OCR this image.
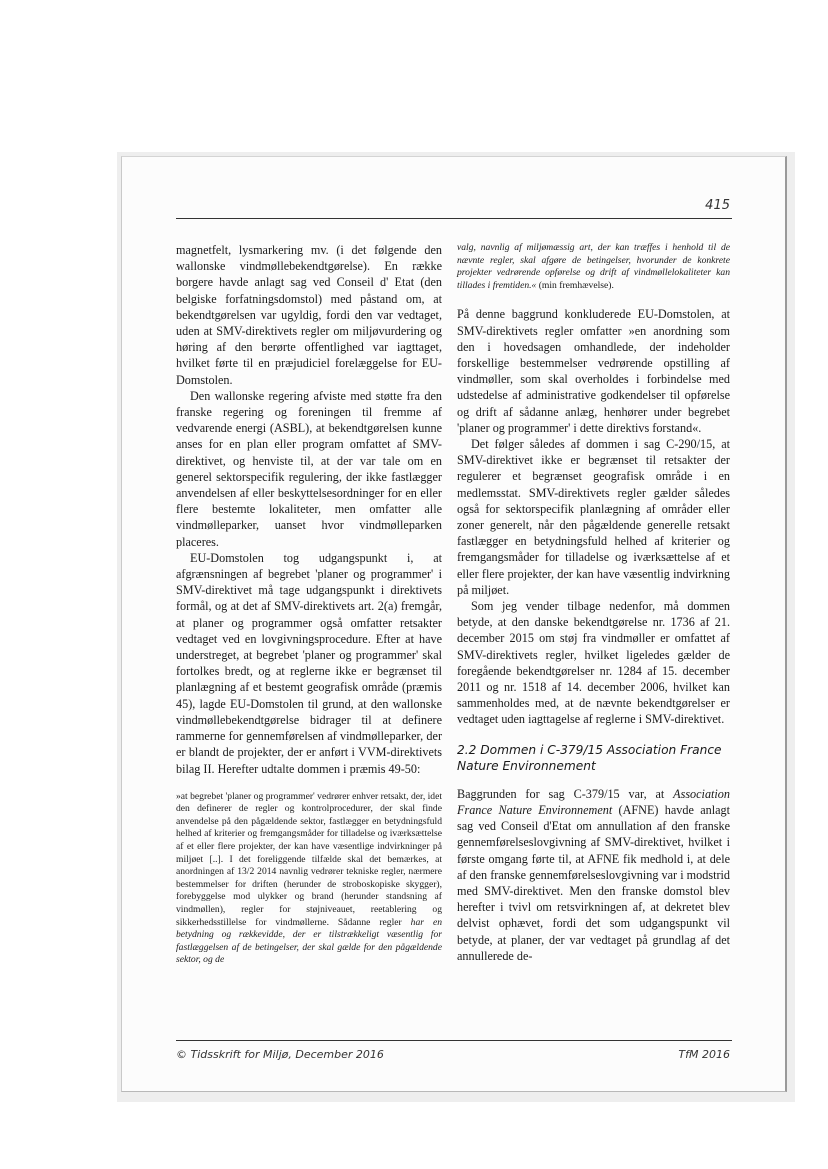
415

magnetfelt, lysmarkering mv. (i det følgende den wallonske vindmøllebekendtgørelse). En række borgere havde anlagt sag ved Conseil d' Etat (den belgiske forfatningsdomstol) med påstand om, at bekendtgørelsen var ugyldig, fordi den var vedtaget, uden at SMV-direktivets regler om miljøvurdering og høring af den berørte offentlighed var iagttaget, hvilket førte til en præjudiciel forelæggelse for EU-Domstolen.

Den wallonske regering afviste med støtte fra den franske regering og foreningen til fremme af vedvarende energi (ASBL), at bekendtgørelsen kunne anses for en plan eller program omfattet af SMV-direktivet, og henviste til, at der var tale om en generel sektorspecifik regulering, der ikke fastlægger anvendelsen af eller beskyttelsesordninger for en eller flere bestemte lokaliteter, men omfatter alle vindmølleparker, uanset hvor vindmølleparken placeres.

EU-Domstolen tog udgangspunkt i, at afgrænsningen af begrebet 'planer og programmer' i SMV-direktivet må tage udgangspunkt i direktivets formål, og at det af SMV-direktivets art. 2(a) fremgår, at planer og programmer også omfatter retsakter vedtaget ved en lovgivningsprocedure. Efter at have understreget, at begrebet 'planer og programmer' skal fortolkes bredt, og at reglerne ikke er begrænset til planlægning af et bestemt geografisk område (præmis 45), lagde EU-Domstolen til grund, at den wallonske vindmøllebekendtgørelse bidrager til at definere rammerne for gennemførelsen af vindmølleparker, der er blandt de projekter, der er anført i VVM-direktivets bilag II. Herefter udtalte dommen i præmis 49-50:

»at begrebet 'planer og programmer' vedrører enhver retsakt, der, idet den definerer de regler og kontrolprocedurer, der skal finde anvendelse på den pågældende sektor, fastlægger en betydningsfuld helhed af kriterier og fremgangsmåder for tilladelse og iværksættelse af et eller flere projekter, der kan have væsentlige indvirkninger på miljøet [..]. I det foreliggende tilfælde skal det bemærkes, at anordningen af 13/2 2014 navnlig vedrører tekniske regler, nærmere bestemmelser for driften (herunder de stroboskopiske skygger), forebyggelse mod ulykker og brand (herunder standsning af vindmøllen), regler for støjniveauet, reetablering og sikkerhedsstillelse for vindmøllerne. Sådanne regler har en betydning og rækkevidde, der er tilstrækkeligt væsentlig for fastlæggelsen af de betingelser, der skal gælde for den pågældende sektor, og de

valg, navnlig af miljømæssig art, der kan træffes i henhold til de nævnte regler, skal afgøre de betingelser, hvorunder de konkrete projekter vedrørende opførelse og drift af vindmøllelokaliteter kan tillades i fremtiden.« (min fremhævelse).

På denne baggrund konkluderede EU-Domstolen, at SMV-direktivets regler omfatter »en anordning som den i hovedsagen omhandlede, der indeholder forskellige bestemmelser vedrørende opstilling af vindmøller, som skal overholdes i forbindelse med udstedelse af administrative godkendelser til opførelse og drift af sådanne anlæg, henhører under begrebet 'planer og programmer' i dette direktivs forstand«.

Det følger således af dommen i sag C-290/15, at SMV-direktivet ikke er begrænset til retsakter der regulerer et begrænset geografisk område i en medlemsstat. SMV-direktivets regler gælder således også for sektorspecifik planlægning af områder eller zoner generelt, når den pågældende generelle retsakt fastlægger en betydningsfuld helhed af kriterier og fremgangsmåder for tilladelse og iværksættelse af et eller flere projekter, der kan have væsentlig indvirkning på miljøet.

Som jeg vender tilbage nedenfor, må dommen betyde, at den danske bekendtgørelse nr. 1736 af 21. december 2015 om støj fra vindmøller er omfattet af SMV-direktivets regler, hvilket ligeledes gælder de foregående bekendtgørelser nr. 1284 af 15. december 2011 og nr. 1518 af 14. december 2006, hvilket kan sammenholdes med, at de nævnte bekendtgørelser er vedtaget uden iagttagelse af reglerne i SMV-direktivet.

2.2 Dommen i C-379/15 Association France Nature Environnement

Baggrunden for sag C-379/15 var, at Association France Nature Environnement (AFNE) havde anlagt sag ved Conseil d'Etat om annullation af den franske gennemførelseslovgivning af SMV-direktivet, hvilket i første omgang førte til, at AFNE fik medhold i, at dele af den franske gennemførelseslovgivning var i modstrid med SMV-direktivet. Men den franske domstol blev herefter i tvivl om retsvirkningen af, at dekretet blev delvist ophævet, fordi det som udgangspunkt vil betyde, at planer, der var vedtaget på grundlag af det annullerede de-

© Tidsskrift for Miljø, December 2016	TfM 2016
